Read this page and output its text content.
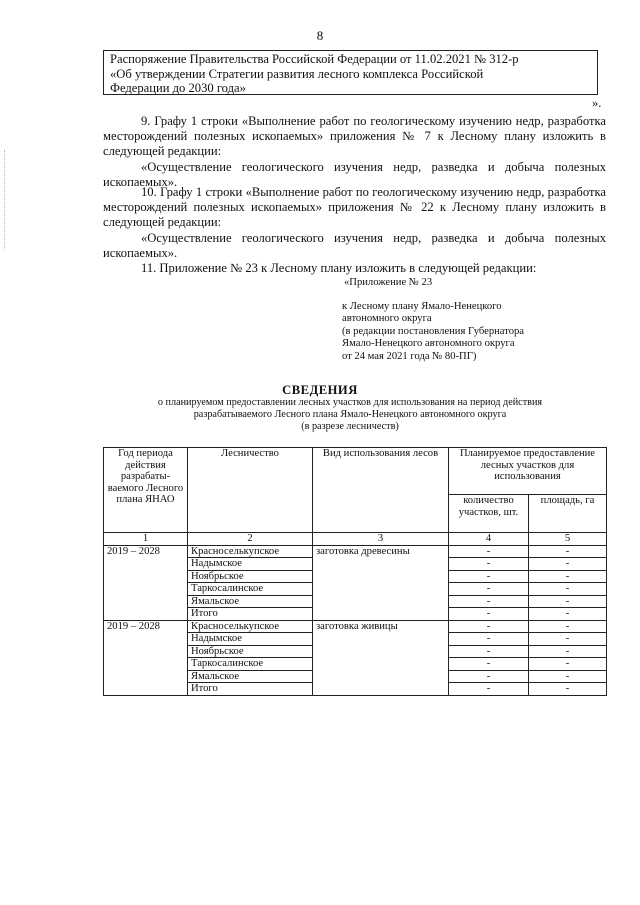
8
Распоряжение Правительства Российской Федерации от 11.02.2021 № 312-р
«Об утверждении Стратегии развития лесного комплекса Российской
Федерации до 2030 года»
».
9. Графу 1 строки «Выполнение работ по геологическому изучению недр, разработка месторождений полезных ископаемых» приложения № 7 к Лесному плану изложить в следующей редакции:
«Осуществление геологического изучения недр, разведка и добыча полезных ископаемых».
10. Графу 1 строки «Выполнение работ по геологическому изучению недр, разработка месторождений полезных ископаемых» приложения № 22 к Лесному плану изложить в следующей редакции:
«Осуществление геологического изучения недр, разведка и добыча полезных ископаемых».
11. Приложение № 23 к Лесному плану изложить в следующей редакции:
«Приложение № 23
к Лесному плану Ямало-Ненецкого
автономного округа
(в редакции постановления Губернатора
Ямало-Ненецкого автономного округа
от 24 мая 2021 года № 80-ПГ)
СВЕДЕНИЯ
о планируемом предоставлении лесных участков для использования на период действия
разрабатываемого Лесного плана Ямало-Ненецкого автономного округа
(в разрезе лесничеств)
Год периода действия разрабаты-ваемого Лесного плана ЯНАО	Лесничество	Вид использования лесов	Планируемое предоставление лесных участков для использования	
			количество участков, шт.	площадь, га
1	2	3	4	5
2019 – 2028	Красноселькупское	заготовка древесины	-	-
	Надымское		-	-
	Ноябрьское		-	-
	Таркосалинское		-	-
	Ямальское		-	-
	Итого		-	-
2019 – 2028	Красноселькупское	заготовка живицы	-	-
	Надымское		-	-
	Ноябрьское		-	-
	Таркосалинское		-	-
	Ямальское		-	-
	Итого		-	-
